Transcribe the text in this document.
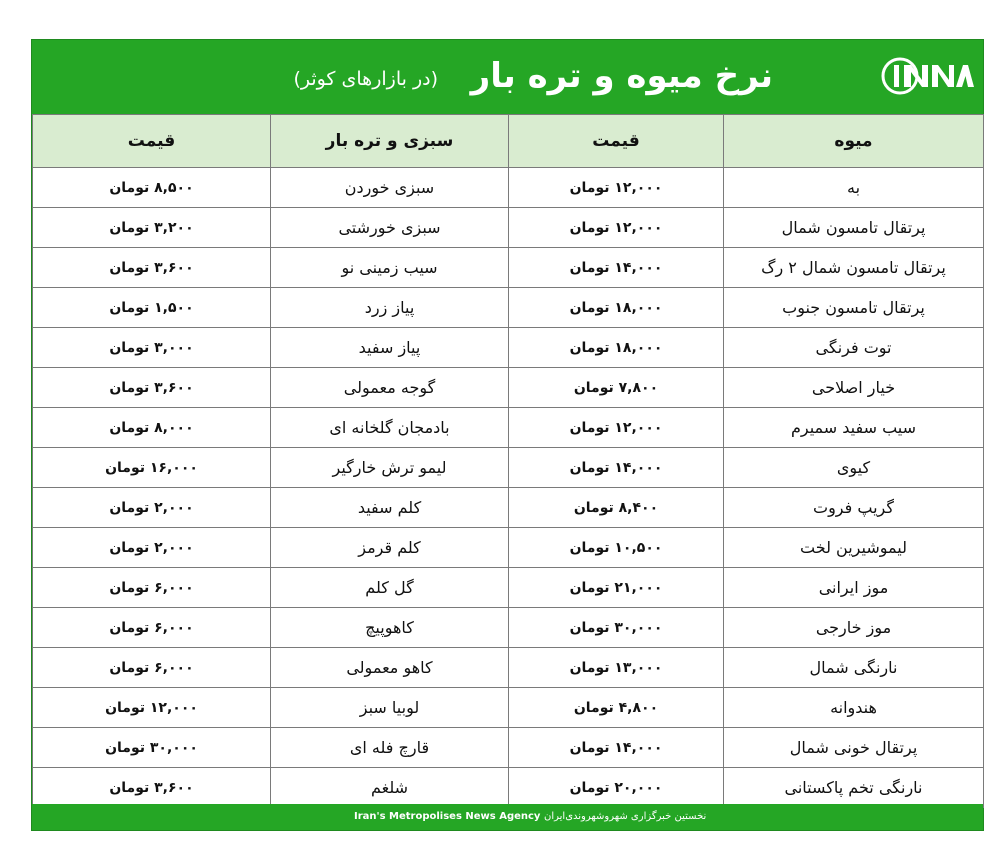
نرخ میوه و تره بار
(در بازارهای کوثر)
میوه	قیمت	سبزی و تره بار	قیمت
به	۱۲,۰۰۰ تومان	سبزی خوردن	۸,۵۰۰ تومان
پرتقال تامسون شمال	۱۲,۰۰۰ تومان	سبزی خورشتی	۳,۲۰۰ تومان
پرتقال تامسون شمال ۲ رگ	۱۴,۰۰۰ تومان	سیب زمینی نو	۳,۶۰۰ تومان
پرتقال تامسون جنوب	۱۸,۰۰۰ تومان	پیاز زرد	۱,۵۰۰ تومان
توت فرنگی	۱۸,۰۰۰ تومان	پیاز سفید	۳,۰۰۰ تومان
خیار اصلاحی	۷,۸۰۰ تومان	گوجه معمولی	۳,۶۰۰ تومان
سیب سفید سمیرم	۱۲,۰۰۰ تومان	بادمجان گلخانه ای	۸,۰۰۰ تومان
کیوی	۱۴,۰۰۰ تومان	لیمو ترش خارگیر	۱۶,۰۰۰ تومان
گریپ فروت	۸,۴۰۰ تومان	کلم سفید	۲,۰۰۰ تومان
لیموشیرین لخت	۱۰,۵۰۰ تومان	کلم قرمز	۲,۰۰۰ تومان
موز ایرانی	۲۱,۰۰۰ تومان	گل کلم	۶,۰۰۰ تومان
موز خارجی	۳۰,۰۰۰ تومان	کاهوپیچ	۶,۰۰۰ تومان
نارنگی شمال	۱۳,۰۰۰ تومان	کاهو معمولی	۶,۰۰۰ تومان
هندوانه	۴,۸۰۰ تومان	لوبیا سبز	۱۲,۰۰۰ تومان
پرتقال خونی شمال	۱۴,۰۰۰ تومان	قارچ فله ای	۳۰,۰۰۰ تومان
نارنگی تخم پاکستانی	۲۰,۰۰۰ تومان	شلغم	۳,۶۰۰ تومان
نخستین خبرگزاری شهروشهروندی‌ایران
Iran's Metropolises News Agency
